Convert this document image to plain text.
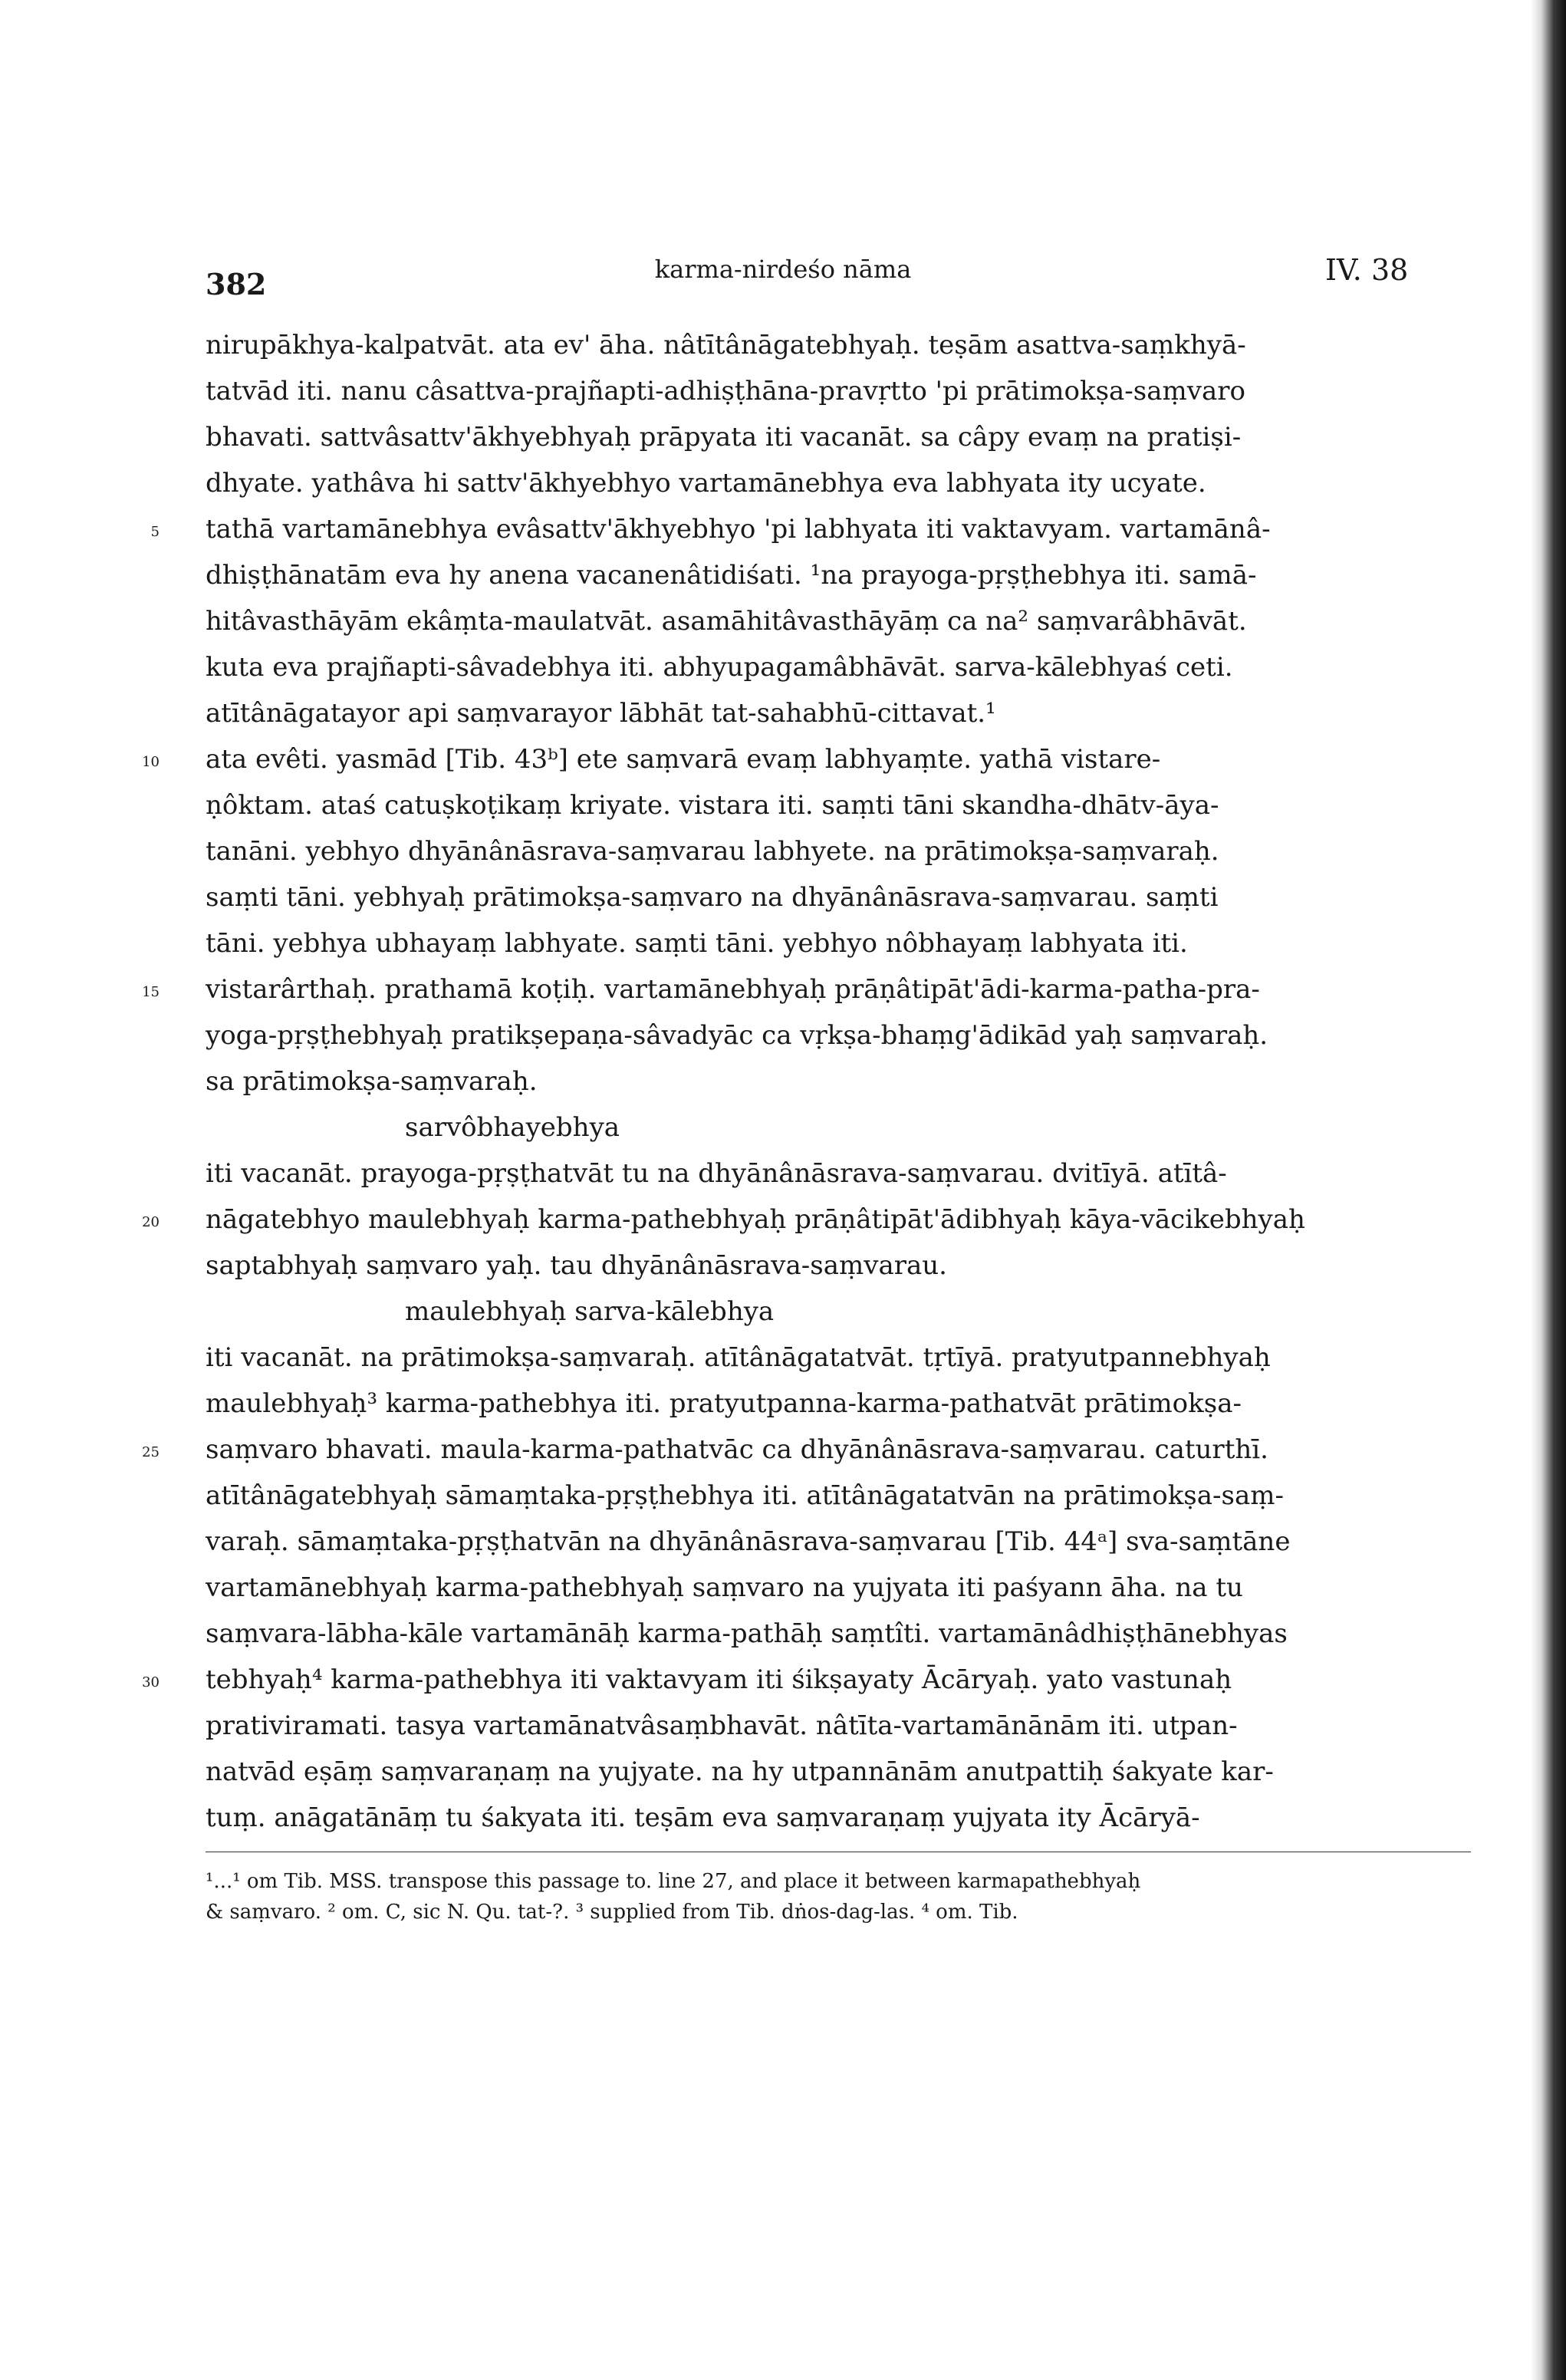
382	karma-nirdeśo nāma	IV. 38
nirupākhya-kalpatvāt. ata ev' āha. nâtītânāgatebhyaḥ. teṣām asattva-saṃkhyā-
tatvād iti. nanu câsattva-prajñapti-adhiṣṭhāna-pravṛtto 'pi prātimokṣa-saṃvaro
bhavati. sattvâsattv'ākhyebhyaḥ prāpyata iti vacanāt. sa câpy evaṃ na pratiṣi-
dhyate. yathâva hi sattv'ākhyebhyo vartamānebhya eva labhyata ity ucyate.
5 tathā vartamānebhya evâsattv'ākhyebhyo 'pi labhyata iti vaktavyam. vartamānâ-
dhiṣṭhānatām eva hy anena vacanenâtidiśati. ¹na prayoga-pṛṣṭhebhya iti. samā-
hitâvasthāyām ekâṃta-maulatvāt. asamāhitâvasthāyāṃ ca na² saṃvarâbhāvāt.
kuta eva prajñapti-sâvadebhya iti. abhyupagamâbhāvāt. sarva-kālebhyaś ceti.
atītânāgatayor api saṃvarayor lābhāt tat-sahabhū-cittavat.¹
10 ata evêti. yasmād [Tib. 43ᵇ] ete saṃvarā evaṃ labhyaṃte. yathā vistare-
ṇôktam. ataś catuṣkoṭikaṃ kriyate. vistara iti. saṃti tāni skandha-dhātv-āya-
tanāni. yebhyo dhyānânāsrava-saṃvarau labhyete. na prātimokṣa-saṃvaraḥ.
saṃti tāni. yebhyaḥ prātimokṣa-saṃvaro na dhyānânāsrava-saṃvarau. saṃti
tāni. yebhya ubhayaṃ labhyate. saṃti tāni. yebhyo nôbhayaṃ labhyata iti.
15 vistarârthaḥ. prathamā koṭiḥ. vartamānebhyaḥ prāṇâtipāt'ādi-karma-patha-pra-
yoga-pṛṣṭhebhyaḥ pratikṣepaṇa-sâvadyāc ca vṛkṣa-bhaṃg'ādikād yaḥ saṃvaraḥ.
sa prātimokṣa-saṃvaraḥ.
sarvôbhayebhya
iti vacanāt. prayoga-pṛṣṭhatvāt tu na dhyānânāsrava-saṃvarau. dvitīyā. atītâ-
20 nāgatebhyo maulebhyaḥ karma-pathebhyaḥ prāṇâtipāt'ādibhyaḥ kāya-vācikebhyaḥ
saptabhyaḥ saṃvaro yaḥ. tau dhyānânāsrava-saṃvarau.
maulebhyaḥ sarva-kālebhya
iti vacanāt. na prātimokṣa-saṃvaraḥ. atītânāgatatvāt. tṛtīyā. pratyutpannebhyaḥ
maulebhyaḥ³ karma-pathebhya iti. pratyutpanna-karma-pathatvāt prātimokṣa-
25 saṃvaro bhavati. maula-karma-pathatvāc ca dhyānânāsrava-saṃvarau. caturthī.
atītânāgatebhyaḥ sāmaṃtaka-pṛṣṭhebhya iti. atītânāgatatvān na prātimokṣa-saṃ-
varaḥ. sāmaṃtaka-pṛṣṭhatvān na dhyānânāsrava-saṃvarau [Tib. 44ᵃ] sva-saṃtāne
vartamānebhyaḥ karma-pathebhyaḥ saṃvaro na yujyata iti paśyann āha. na tu
saṃvara-lābha-kāle vartamānāḥ karma-pathāḥ saṃtîti. vartamānâdhiṣṭhānebhyas
30 tebhyaḥ⁴ karma-pathebhya iti vaktavyam iti śikṣayaty Ācāryaḥ. yato vastunaḥ
prativiramati. tasya vartamānatvâsaṃbhavāt. nâtīta-vartamānānām iti. utpan-
natvād eṣāṃ saṃvaraṇaṃ na yujyate. na hy utpannānām anutpattiḥ śakyate kar-
tuṃ. anāgatānāṃ tu śakyata iti. teṣām eva saṃvaraṇaṃ yujyata ity Ācāryā-
¹...¹ om Tib. MSS. transpose this passage to. line 27, and place it between karmapathebhyaḥ
& saṃvaro. ² om. C, sic N. Qu. tat-?. ³ supplied from Tib. dṅos-dag-las. ⁴ om. Tib.
